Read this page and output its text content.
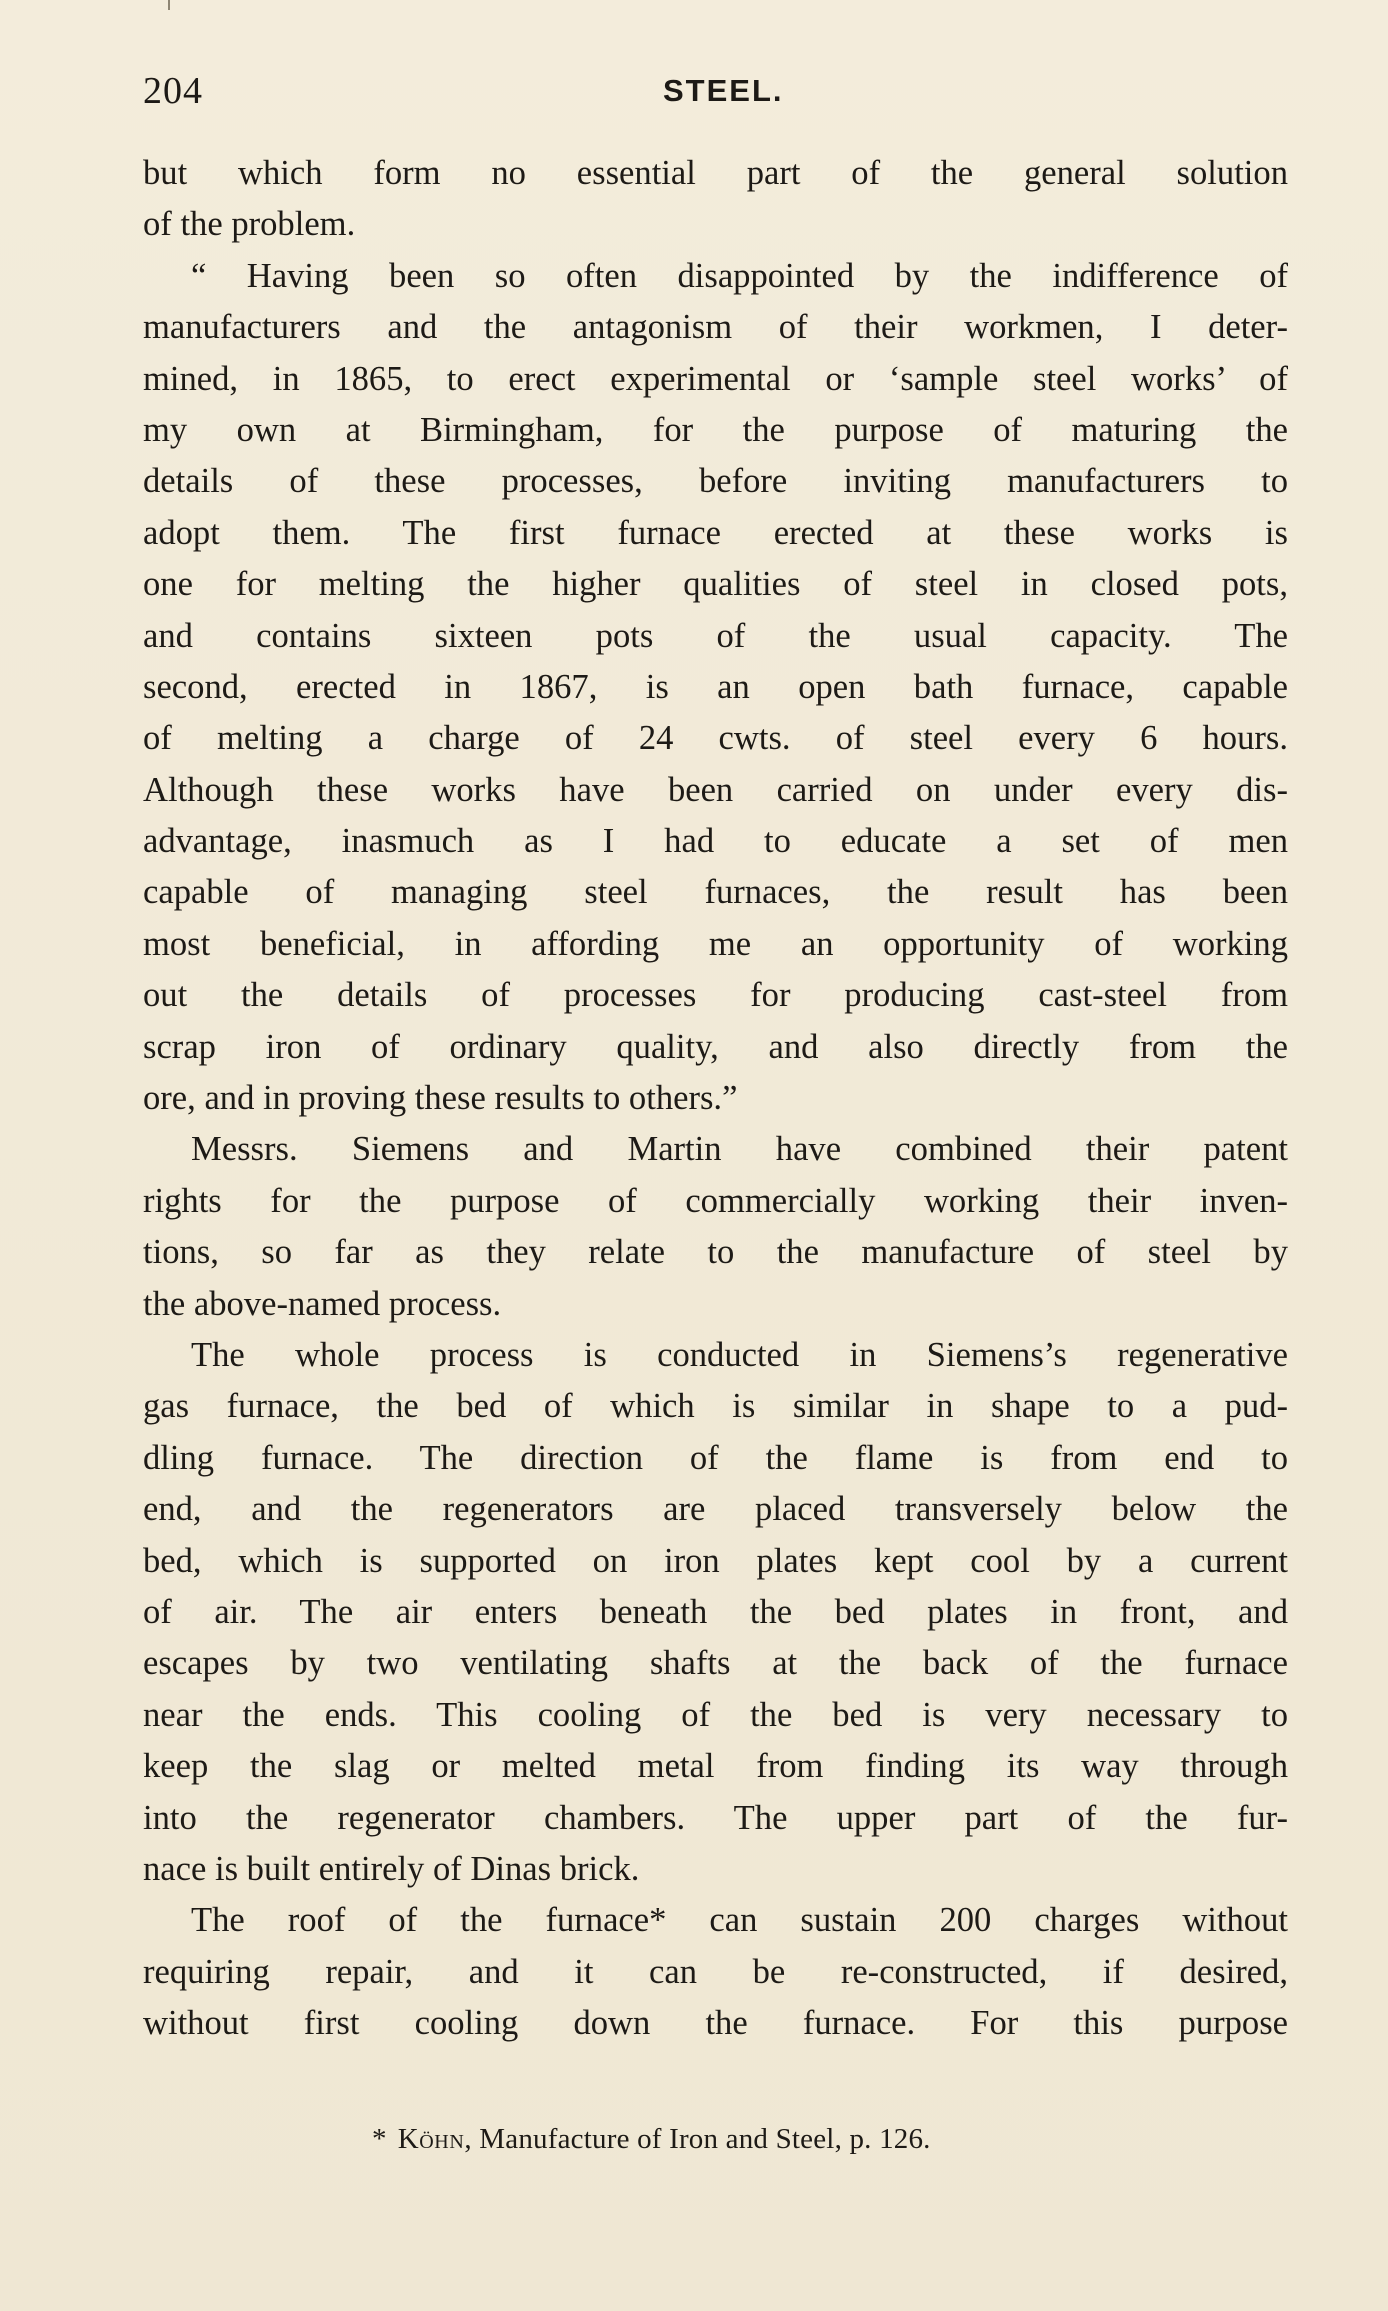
204	STEEL.
but which form no essential part of the general solution
of the problem.
“ Having been so often disappointed by the indifference of
manufacturers and the antagonism of their workmen, I deter-
mined, in 1865, to erect experimental or ‘sample steel works’ of
my own at Birmingham, for the purpose of maturing the
details of these processes, before inviting manufacturers to
adopt them. The first furnace erected at these works is
one for melting the higher qualities of steel in closed pots,
and contains sixteen pots of the usual capacity. The
second, erected in 1867, is an open bath furnace, capable
of melting a charge of 24 cwts. of steel every 6 hours.
Although these works have been carried on under every dis-
advantage, inasmuch as I had to educate a set of men
capable of managing steel furnaces, the result has been
most beneficial, in affording me an opportunity of working
out the details of processes for producing cast-steel from
scrap iron of ordinary quality, and also directly from the
ore, and in proving these results to others.”
Messrs. Siemens and Martin have combined their patent
rights for the purpose of commercially working their inven-
tions, so far as they relate to the manufacture of steel by
the above-named process.
The whole process is conducted in Siemens’s regenerative
gas furnace, the bed of which is similar in shape to a pud-
dling furnace. The direction of the flame is from end to
end, and the regenerators are placed transversely below the
bed, which is supported on iron plates kept cool by a current
of air. The air enters beneath the bed plates in front, and
escapes by two ventilating shafts at the back of the furnace
near the ends. This cooling of the bed is very necessary to
keep the slag or melted metal from finding its way through
into the regenerator chambers. The upper part of the fur-
nace is built entirely of Dinas brick.
The roof of the furnace* can sustain 200 charges without
requiring repair, and it can be re-constructed, if desired,
without first cooling down the furnace. For this purpose
* Köhn, Manufacture of Iron and Steel, p. 126.
